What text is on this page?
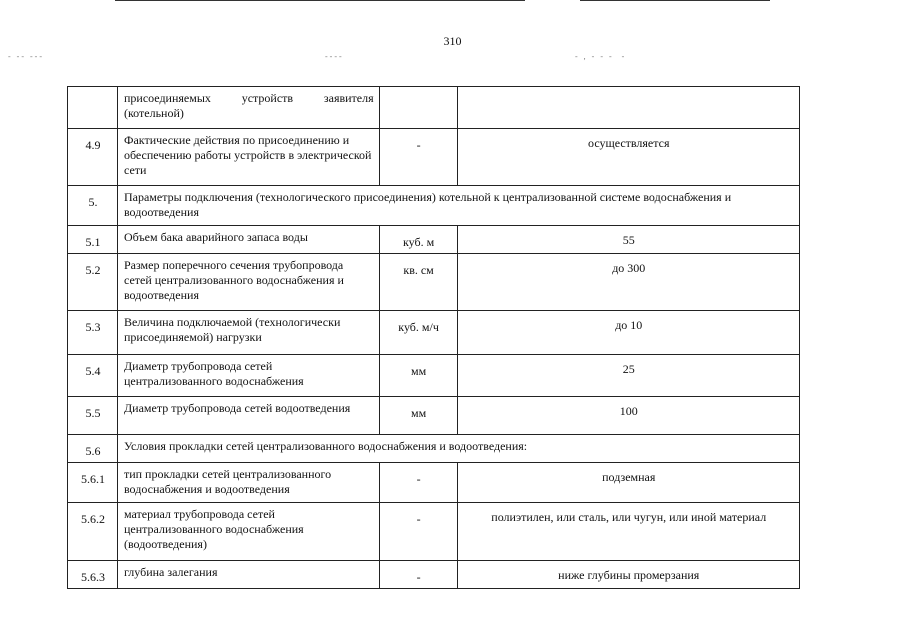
310
- -- ---	----	- , - - -  -
	присоединяемых устройств заявителя (котельной)		
4.9	Фактические действия по присоединению и обеспечению работы устройств в электрической сети	-	осуществляется
5.	Параметры подключения (технологического присоединения) котельной к централизованной системе водоснабжения и водоотведения		
5.1	Объем бака аварийного запаса воды	куб. м	55
5.2	Размер поперечного сечения трубопровода сетей централизованного водоснабжения и водоотведения	кв. см	до 300
5.3	Величина подключаемой (технологически присоединяемой) нагрузки	куб. м/ч	до 10
5.4	Диаметр трубопровода сетей централизованного водоснабжения	мм	25
5.5	Диаметр трубопровода сетей водоотведения	мм	100
5.6	Условия прокладки сетей централизованного водоснабжения и водоотведения:		
5.6.1	тип прокладки сетей централизованного водоснабжения и водоотведения	-	подземная
5.6.2	материал трубопровода сетей централизованного водоснабжения (водоотведения)	-	полиэтилен, или сталь, или чугун, или иной материал
5.6.3	глубина залегания	-	ниже глубины промерзания
